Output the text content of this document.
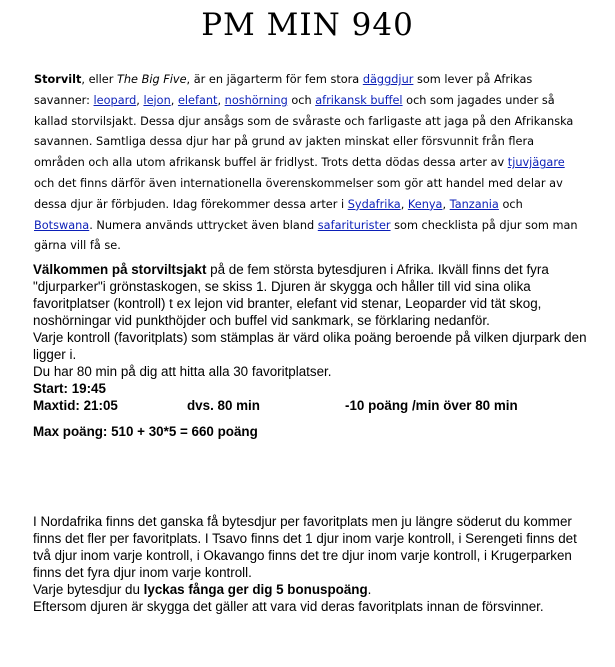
PM MIN 940
Storvilt, eller The Big Five, är en jägarterm för fem stora däggdjur som lever på Afrikas savanner: leopard, lejon, elefant, noshörning och afrikansk buffel och som jagades under så kallad storvilsjakt. Dessa djur ansågs som de svåraste och farligaste att jaga på den Afrikanska savannen. Samtliga dessa djur har på grund av jakten minskat eller försvunnit från flera områden och alla utom afrikansk buffel är fridlyst. Trots detta dödas dessa arter av tjuvjägare och det finns därför även internationella överenskommelser som gör att handel med delar av dessa djur är förbjuden. Idag förekommer dessa arter i Sydafrika, Kenya, Tanzania och Botswana. Numera används uttrycket även bland safariturister som checklista på djur som man gärna vill få se.
Välkommen på storviltsjakt på de fem största bytesdjuren i Afrika. Ikväll finns det fyra "djurparker"i grönstaskogen, se skiss 1. Djuren är skygga och håller till vid sina olika favoritplatser (kontroll) t ex lejon vid branter, elefant vid stenar, Leoparder vid tät skog, noshörningar vid punkthöjder och buffel vid sankmark, se förklaring nedanför.
Varje kontroll (favoritplats) som stämplas är värd olika poäng beroende på vilken djurpark den ligger i.
Du har 80 min på dig att hitta alla 30 favoritplatser.
Start: 19:45
Maxtid: 21:05	dvs. 80 min	-10 poäng /min över 80 min
Max poäng: 510 + 30*5 = 660 poäng
I Nordafrika finns det ganska få bytesdjur per favoritplats men ju längre söderut du kommer finns det fler per favoritplats. I Tsavo finns det 1 djur inom varje kontroll, i Serengeti finns det två djur inom varje kontroll, i Okavango finns det tre djur inom varje kontroll, i Krugerparken finns det fyra djur inom varje kontroll.
Varje bytesdjur du lyckas fånga ger dig 5 bonuspoäng.
Eftersom djuren är skygga det gäller att vara vid deras favoritplats innan de försvinner.
